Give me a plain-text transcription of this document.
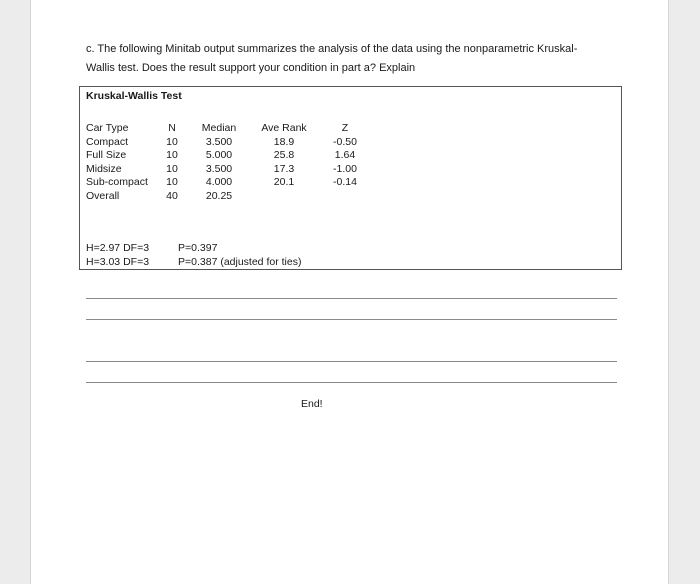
c. The following Minitab output summarizes the analysis of the data using the nonparametric Kruskal-
Wallis test. Does the result support your condition in part a? Explain
Kruskal-Wallis Test
Car Type	N	Median	Ave Rank	Z
Compact	10	3.500	18.9	-0.50
Full Size	10	5.000	25.8	1.64
Midsize	10	3.500	17.3	-1.00
Sub-compact 10	4.000	20.1	-0.14
Overall	40	20.25
H=2.97 DF=3	P=0.397
H=3.03 DF=3	P=0.387 (adjusted for ties)
End!
